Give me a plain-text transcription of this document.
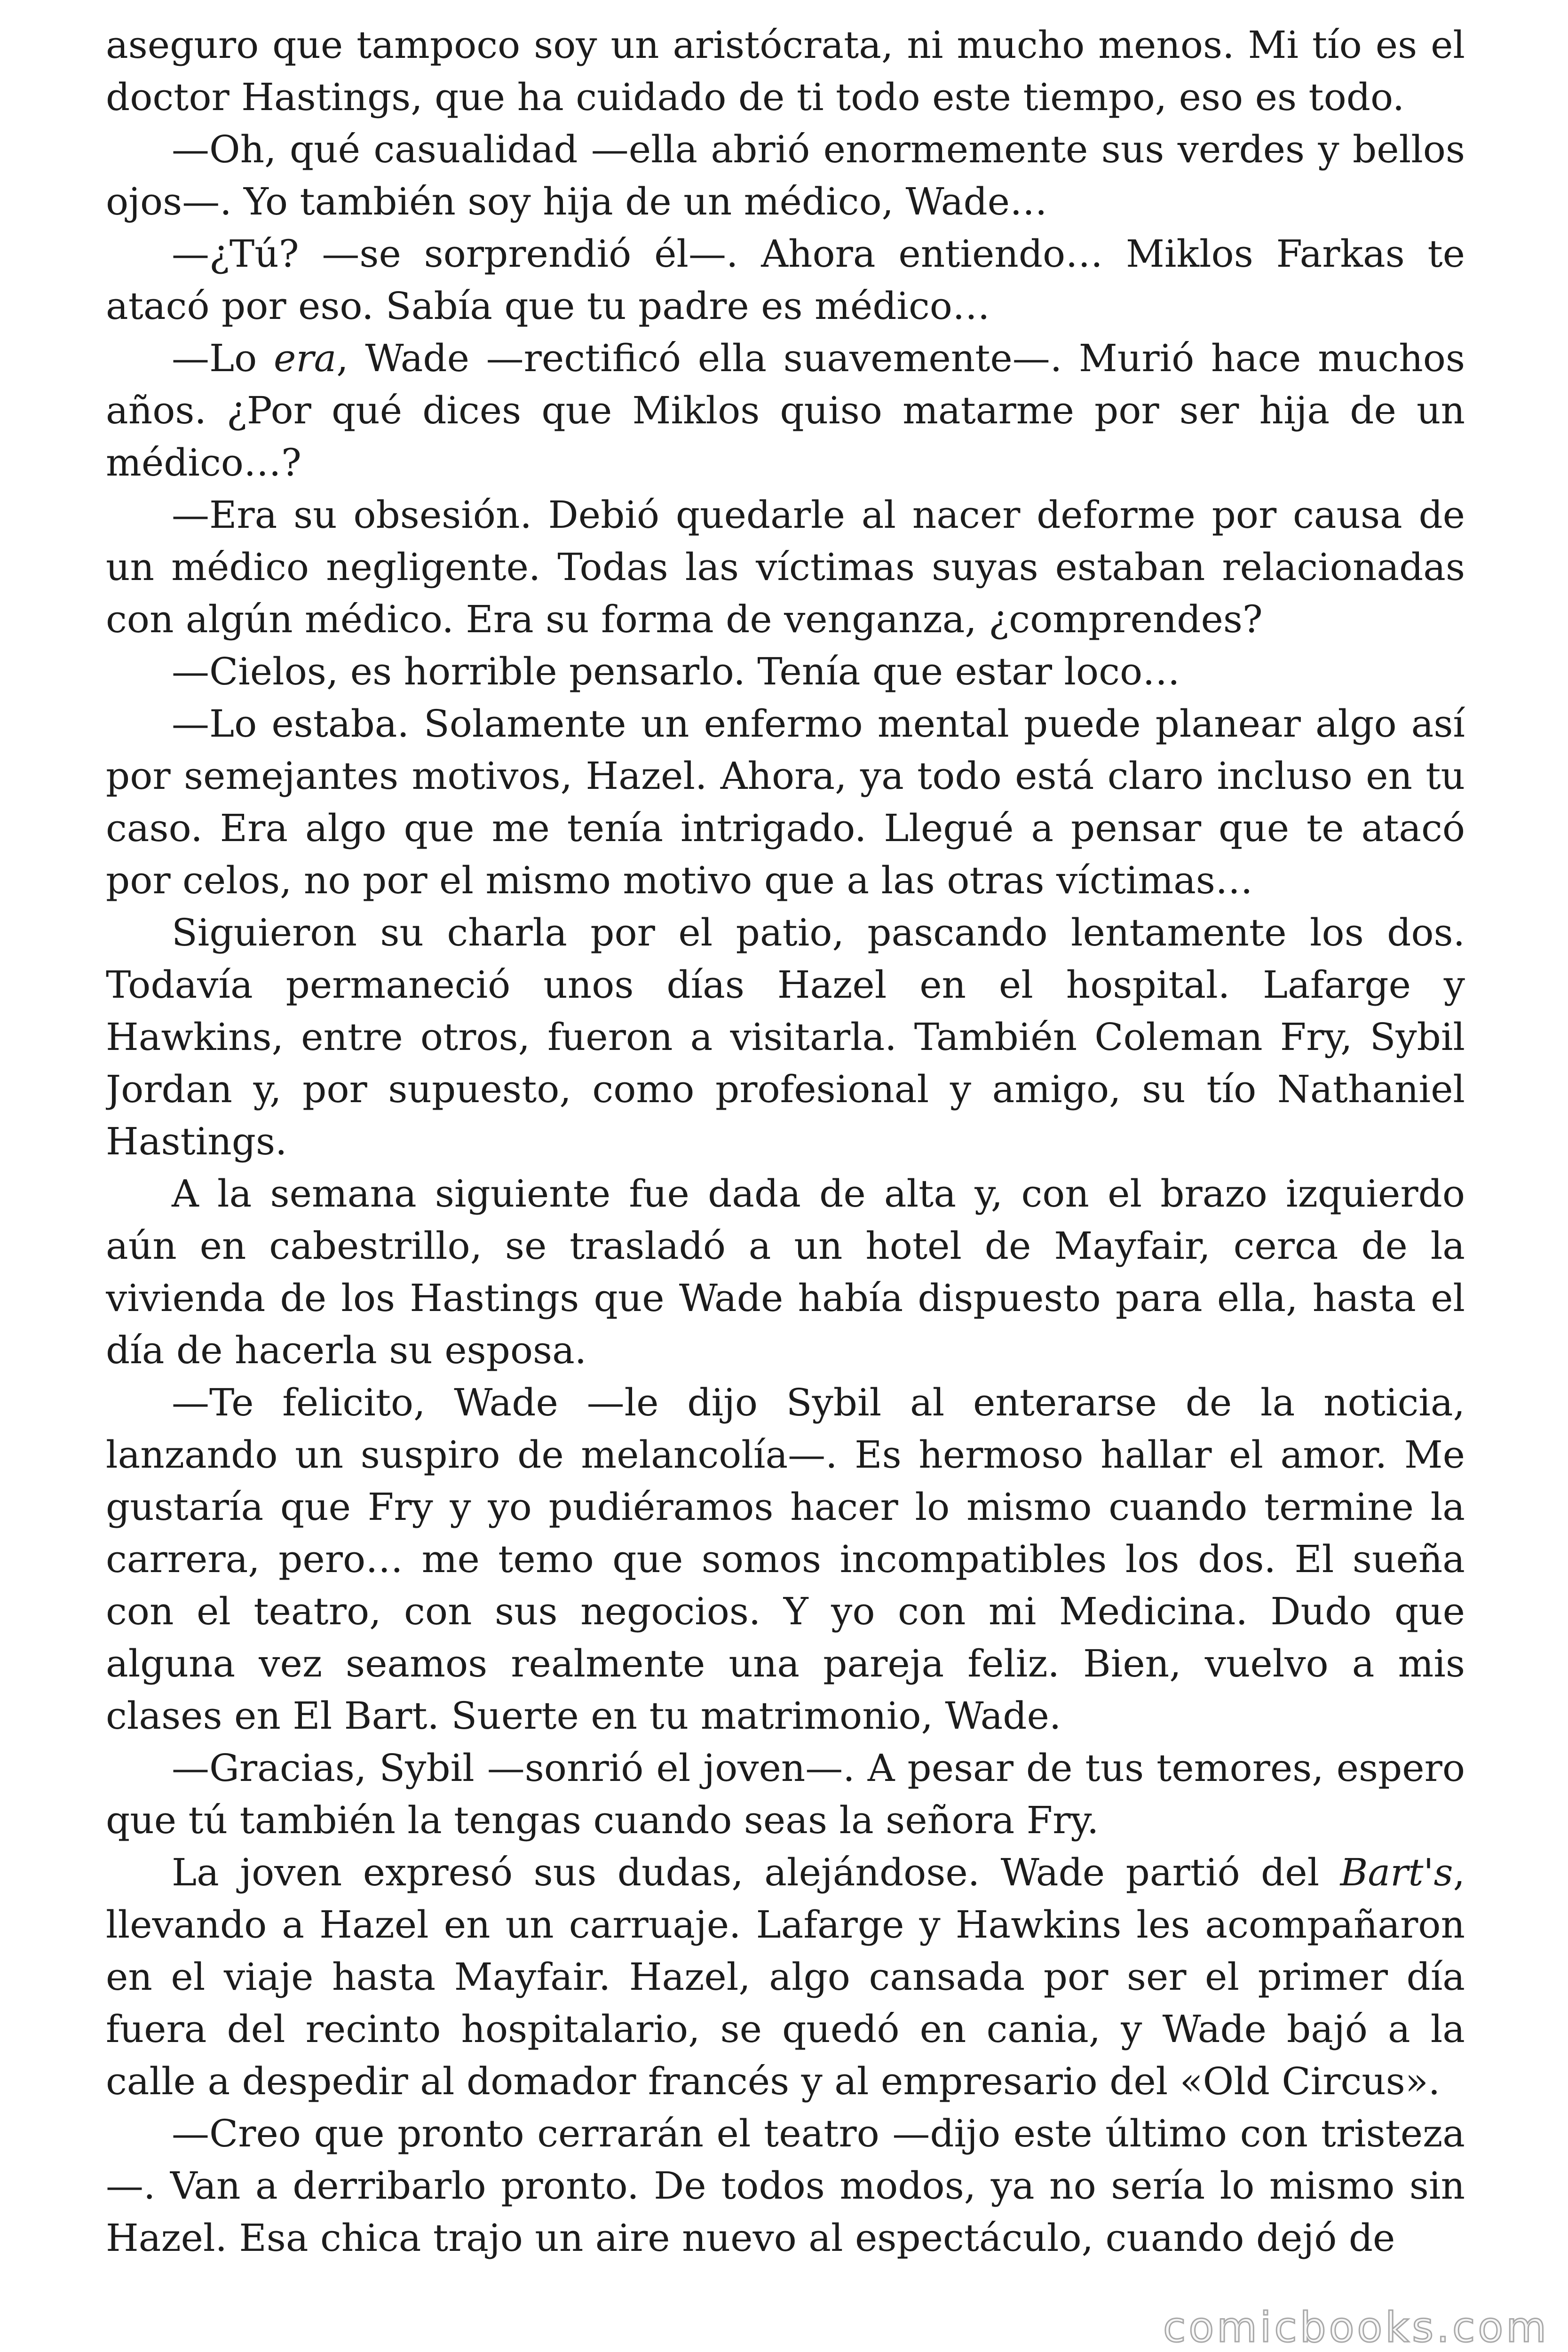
aseguro que tampoco soy un aristócrata, ni mucho menos. Mi tío es el doctor Hastings, que ha cuidado de ti todo este tiempo, eso es todo.

—Oh, qué casualidad —ella abrió enormemente sus verdes y bellos ojos—. Yo también soy hija de un médico, Wade…

—¿Tú? —se sorprendió él—. Ahora entiendo… Miklos Farkas te atacó por eso. Sabía que tu padre es médico…

—Lo era, Wade —rectificó ella suavemente—. Murió hace muchos años. ¿Por qué dices que Miklos quiso matarme por ser hija de un médico…?

—Era su obsesión. Debió quedarle al nacer deforme por causa de un médico negligente. Todas las víctimas suyas estaban relacionadas con algún médico. Era su forma de venganza, ¿comprendes?

—Cielos, es horrible pensarlo. Tenía que estar loco…

—Lo estaba. Solamente un enfermo mental puede planear algo así por semejantes motivos, Hazel. Ahora, ya todo está claro incluso en tu caso. Era algo que me tenía intrigado. Llegué a pensar que te atacó por celos, no por el mismo motivo que a las otras víctimas…

Siguieron su charla por el patio, pascando lentamente los dos. Todavía permaneció unos días Hazel en el hospital. Lafarge y Hawkins, entre otros, fueron a visitarla. También Coleman Fry, Sybil Jordan y, por supuesto, como profesional y amigo, su tío Nathaniel Hastings.

A la semana siguiente fue dada de alta y, con el brazo izquierdo aún en cabestrillo, se trasladó a un hotel de Mayfair, cerca de la vivienda de los Hastings que Wade había dispuesto para ella, hasta el día de hacerla su esposa.

—Te felicito, Wade —le dijo Sybil al enterarse de la noticia, lanzando un suspiro de melancolía—. Es hermoso hallar el amor. Me gustaría que Fry y yo pudiéramos hacer lo mismo cuando termine la carrera, pero… me temo que somos incompatibles los dos. El sueña con el teatro, con sus negocios. Y yo con mi Medicina. Dudo que alguna vez seamos realmente una pareja feliz. Bien, vuelvo a mis clases en El Bart. Suerte en tu matrimonio, Wade.

—Gracias, Sybil —sonrió el joven—. A pesar de tus temores, espero que tú también la tengas cuando seas la señora Fry.

La joven expresó sus dudas, alejándose. Wade partió del Bart's, llevando a Hazel en un carruaje. Lafarge y Hawkins les acompañaron en el viaje hasta Mayfair. Hazel, algo cansada por ser el primer día fuera del recinto hospitalario, se quedó en cania, y Wade bajó a la calle a despedir al domador francés y al empresario del «Old Circus».

—Creo que pronto cerrarán el teatro —dijo este último con tristeza —. Van a derribarlo pronto. De todos modos, ya no sería lo mismo sin Hazel. Esa chica trajo un aire nuevo al espectáculo, cuando dejó de

comicbooks.com
